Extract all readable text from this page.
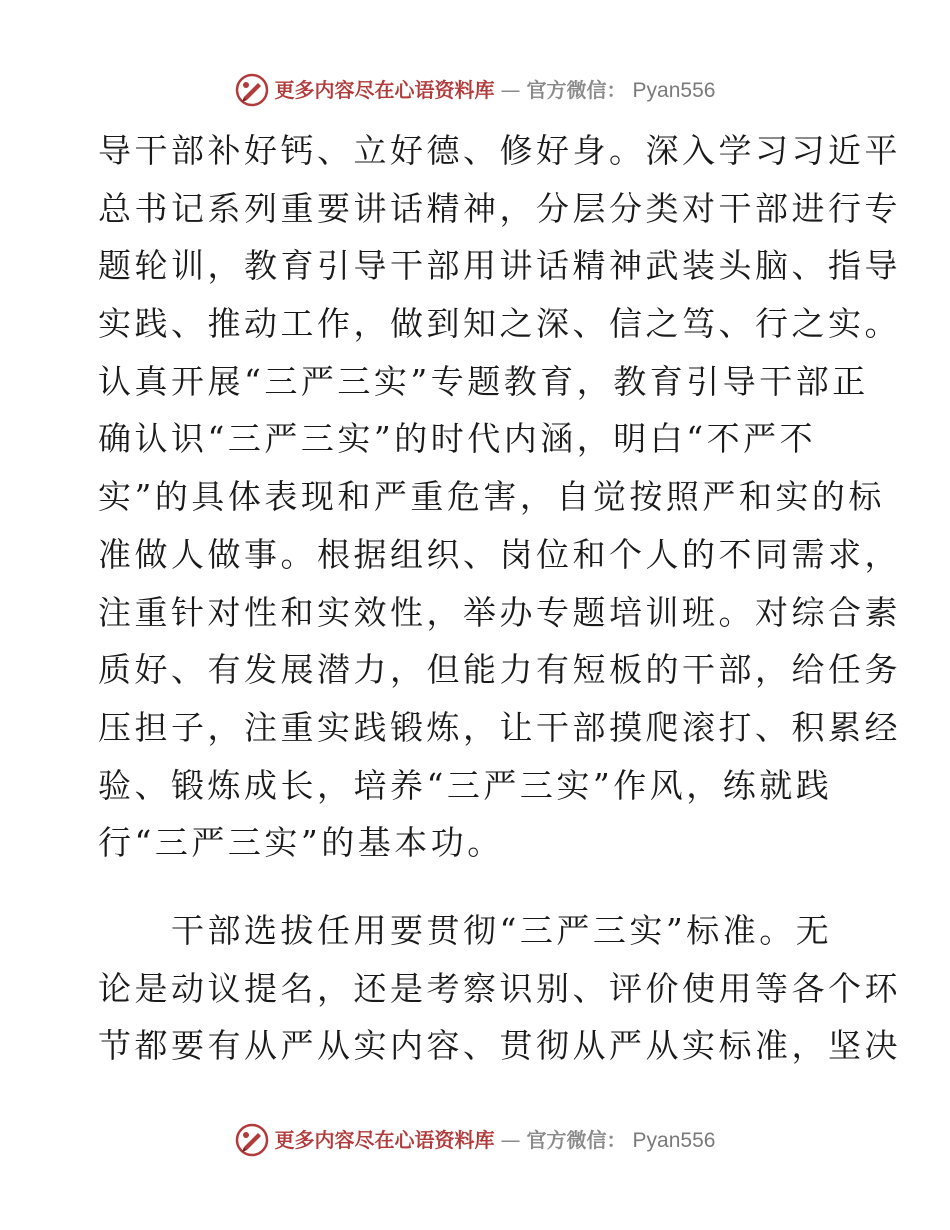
更多内容尽在心语资料库 — 官方微信： Pyan556

导干部补好钙、立好德、修好身。深入学习习近平

总书记系列重要讲话精神，分层分类对干部进行专

题轮训，教育引导干部用讲话精神武装头脑、指导

实践、推动工作，做到知之深、信之笃、行之实。

认真开展“三严三实”专题教育，教育引导干部正

确认识“三严三实”的时代内涵，明白“不严不

实”的具体表现和严重危害，自觉按照严和实的标

准做人做事。根据组织、岗位和个人的不同需求，

注重针对性和实效性，举办专题培训班。对综合素

质好、有发展潜力，但能力有短板的干部，给任务

压担子，注重实践锻炼，让干部摸爬滚打、积累经

验、锻炼成长，培养“三严三实”作风，练就践

行“三严三实”的基本功。

　　干部选拔任用要贯彻“三严三实”标准。无

论是动议提名，还是考察识别、评价使用等各个环

节都要有从严从实内容、贯彻从严从实标准，坚决

更多内容尽在心语资料库 — 官方微信： Pyan556
